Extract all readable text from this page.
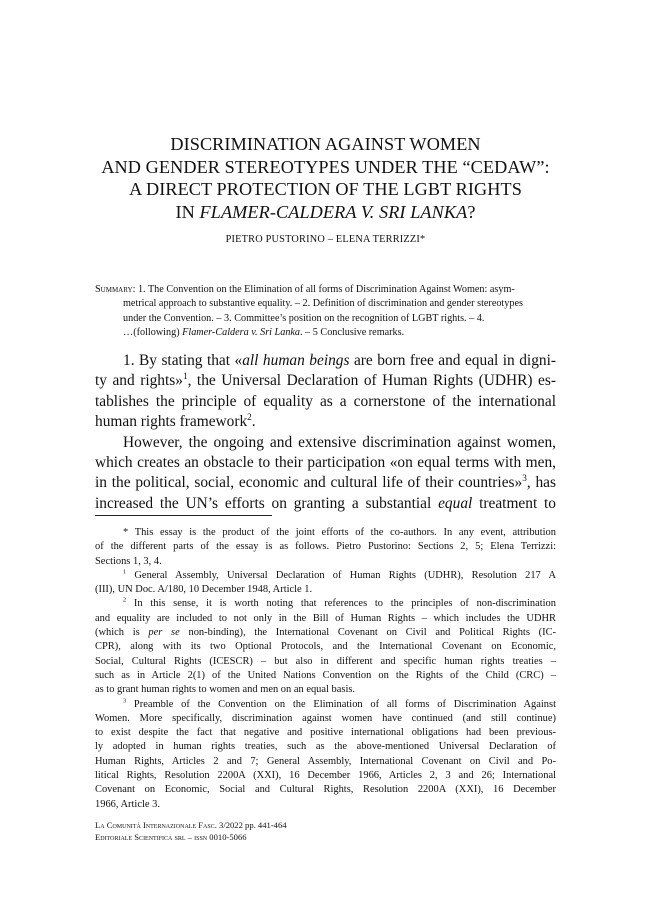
DISCRIMINATION AGAINST WOMEN
AND GENDER STEREOTYPES UNDER THE “CEDAW”:
A DIRECT PROTECTION OF THE LGBT RIGHTS
IN FLAMER-CALDERA V. SRI LANKA?
PIETRO PUSTORINO – ELENA TERRIZZI*
Summary: 1. The Convention on the Elimination of all forms of Discrimination Against Women: asym-
metrical approach to substantive equality. – 2. Definition of discrimination and gender stereotypes
under the Convention. – 3. Committee’s position on the recognition of LGBT rights. – 4.
…(following) Flamer-Caldera v. Sri Lanka. – 5 Conclusive remarks.
1. By stating that «all human beings are born free and equal in digni-
ty and rights»$^1$, the Universal Declaration of Human Rights (UDHR) es-
tablishes the principle of equality as a cornerstone of the international
human rights framework$^2$.
However, the ongoing and extensive discrimination against women,
which creates an obstacle to their participation «on equal terms with men,
in the political, social, economic and cultural life of their countries»$^3$, has
increased the UN’s efforts on granting a substantial equal treatment to
* This essay is the product of the joint efforts of the co-authors. In any event, attribution
of the different parts of the essay is as follows. Pietro Pustorino: Sections 2, 5; Elena Terrizzi:
Sections 1, 3, 4.
$^1$ General Assembly, Universal Declaration of Human Rights (UDHR), Resolution 217 A
(III), UN Doc. A/180, 10 December 1948, Article 1.
$^2$ In this sense, it is worth noting that references to the principles of non-discrimination
and equality are included to not only in the Bill of Human Rights – which includes the UDHR
(which is per se non-binding), the International Covenant on Civil and Political Rights (IC-
CPR), along with its two Optional Protocols, and the International Covenant on Economic,
Social, Cultural Rights (ICESCR) – but also in different and specific human rights treaties –
such as in Article 2(1) of the United Nations Convention on the Rights of the Child (CRC) –
as to grant human rights to women and men on an equal basis.
$^3$ Preamble of the Convention on the Elimination of all forms of Discrimination Against
Women. More specifically, discrimination against women have continued (and still continue)
to exist despite the fact that negative and positive international obligations had been previous-
ly adopted in human rights treaties, such as the above-mentioned Universal Declaration of
Human Rights, Articles 2 and 7; General Assembly, International Covenant on Civil and Po-
litical Rights, Resolution 2200A (XXI), 16 December 1966, Articles 2, 3 and 26; International
Covenant on Economic, Social and Cultural Rights, Resolution 2200A (XXI), 16 December
1966, Article 3.
La Comunità Internazionale Fasc. 3/2022 pp. 441-464
Editoriale Scientifica srl – issn 0010-5066
